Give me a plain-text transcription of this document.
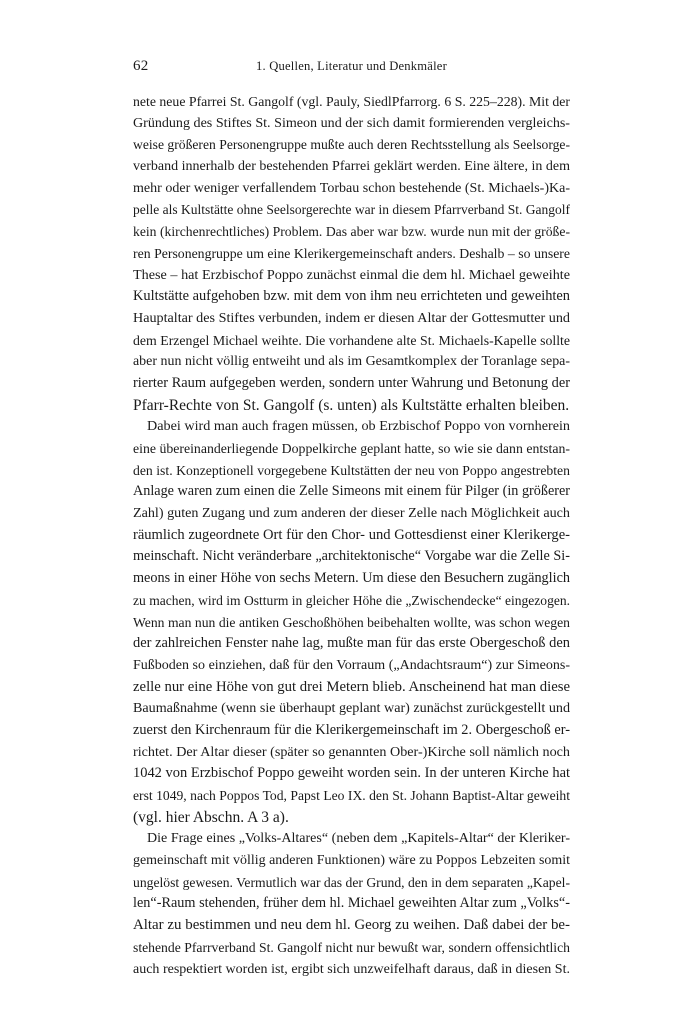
62	1. Quellen, Literatur und Denkmäler
nete neue Pfarrei St. Gangolf (vgl. Pauly, SiedlPfarrorg. 6 S. 225–228). Mit der
Gründung des Stiftes St. Simeon und der sich damit formierenden vergleichs-
weise größeren Personengruppe mußte auch deren Rechtsstellung als Seelsorge-
verband innerhalb der bestehenden Pfarrei geklärt werden. Eine ältere, in dem
mehr oder weniger verfallendem Torbau schon bestehende (St. Michaels-)Ka-
pelle als Kultstätte ohne Seelsorgerechte war in diesem Pfarrverband St. Gangolf
kein (kirchenrechtliches) Problem. Das aber war bzw. wurde nun mit der größe-
ren Personengruppe um eine Klerikergemeinschaft anders. Deshalb – so unsere
These – hat Erzbischof Poppo zunächst einmal die dem hl. Michael geweihte
Kultstätte aufgehoben bzw. mit dem von ihm neu errichteten und geweihten
Hauptaltar des Stiftes verbunden, indem er diesen Altar der Gottesmutter und
dem Erzengel Michael weihte. Die vorhandene alte St. Michaels-Kapelle sollte
aber nun nicht völlig entweiht und als im Gesamtkomplex der Toranlage sepa-
rierter Raum aufgegeben werden, sondern unter Wahrung und Betonung der
Pfarr-Rechte von St. Gangolf (s. unten) als Kultstätte erhalten bleiben.
Dabei wird man auch fragen müssen, ob Erzbischof Poppo von vornherein
eine übereinanderliegende Doppelkirche geplant hatte, so wie sie dann entstan-
den ist. Konzeptionell vorgegebene Kultstätten der neu von Poppo angestrebten
Anlage waren zum einen die Zelle Simeons mit einem für Pilger (in größerer
Zahl) guten Zugang und zum anderen der dieser Zelle nach Möglichkeit auch
räumlich zugeordnete Ort für den Chor- und Gottesdienst einer Klerikerge-
meinschaft. Nicht veränderbare „architektonische“ Vorgabe war die Zelle Si-
meons in einer Höhe von sechs Metern. Um diese den Besuchern zugänglich
zu machen, wird im Ostturm in gleicher Höhe die „Zwischendecke“ eingezogen.
Wenn man nun die antiken Geschoßhöhen beibehalten wollte, was schon wegen
der zahlreichen Fenster nahe lag, mußte man für das erste Obergeschoß den
Fußboden so einziehen, daß für den Vorraum („Andachtsraum“) zur Simeons-
zelle nur eine Höhe von gut drei Metern blieb. Anscheinend hat man diese
Baumaßnahme (wenn sie überhaupt geplant war) zunächst zurückgestellt und
zuerst den Kirchenraum für die Klerikergemeinschaft im 2. Obergeschoß er-
richtet. Der Altar dieser (später so genannten Ober-)Kirche soll nämlich noch
1042 von Erzbischof Poppo geweiht worden sein. In der unteren Kirche hat
erst 1049, nach Poppos Tod, Papst Leo IX. den St. Johann Baptist-Altar geweiht
(vgl. hier Abschn. A 3 a).
Die Frage eines „Volks-Altares“ (neben dem „Kapitels-Altar“ der Kleriker-
gemeinschaft mit völlig anderen Funktionen) wäre zu Poppos Lebzeiten somit
ungelöst gewesen. Vermutlich war das der Grund, den in dem separaten „Kapel-
len“-Raum stehenden, früher dem hl. Michael geweihten Altar zum „Volks“-
Altar zu bestimmen und neu dem hl. Georg zu weihen. Daß dabei der be-
stehende Pfarrverband St. Gangolf nicht nur bewußt war, sondern offensichtlich
auch respektiert worden ist, ergibt sich unzweifelhaft daraus, daß in diesen St.
